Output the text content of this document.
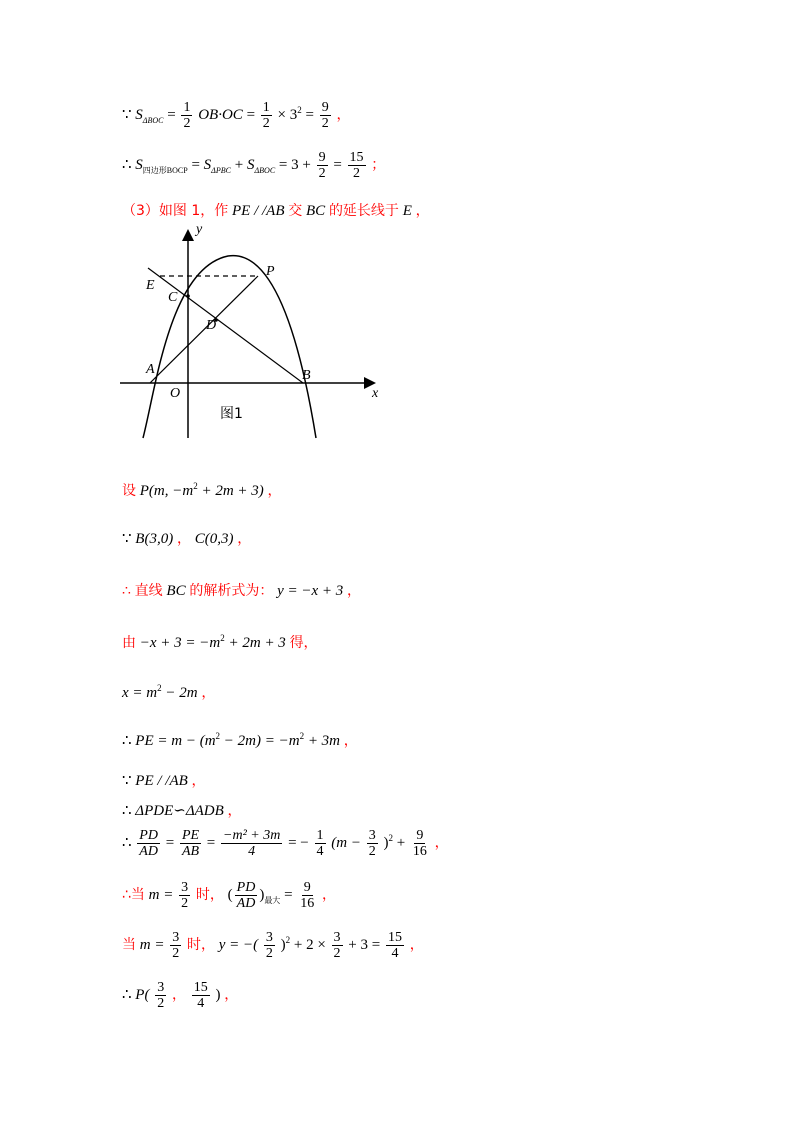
∵ $S_{\Delta BOC} = \frac{1}{2} OB\cdot OC = \frac{1}{2} \times 3^2 = \frac{9}{2}$ ，
∴ $S_{四边形BOCP} = S_{\Delta PBC} + S_{\Delta BOC} = 3 + \frac{9}{2} = \frac{15}{2}$ ；
（3）如图 1，作 PE / /AB 交 BC 的延长线于 E ，
y
x
O
A	B
C
D
E
P
图1
设 P(m, $-m^2 + 2m + 3$) ，
∵ B(3,0) ， C(0,3) ，
∴ 直线 BC 的解析式为： y = −x + 3 ，
由 $-x + 3 = -m^2 + 2m + 3$ 得，
$x = m^2 - 2m$ ，
∴ PE = $m - (m^2 - 2m) = -m^2 + 3m$ ，
∵ PE / /AB ，
∴ ΔPDE∽ΔADB ，
∴ $\frac{PD}{AD} = \frac{PE}{AB} = \frac{\text{−m² + 3m}}{4}$ = − $\frac{1}{4} (m - \frac{3}{2} )^2 + \frac{9}{16}$ ，
∴当 $m = \frac{3}{2}$ 时， ( $\frac{PD}{AD} )_{最大} = \frac{9}{16}$ ，
当 $m = \frac{3}{2}$ 时， y = −( $\frac{3}{2} )^2 + 2 \times \frac{3}{2} + 3 = \frac{15}{4}$ ，
∴ $P( \frac{3}{2}$ ， $\frac{15}{4}$ ) ，
